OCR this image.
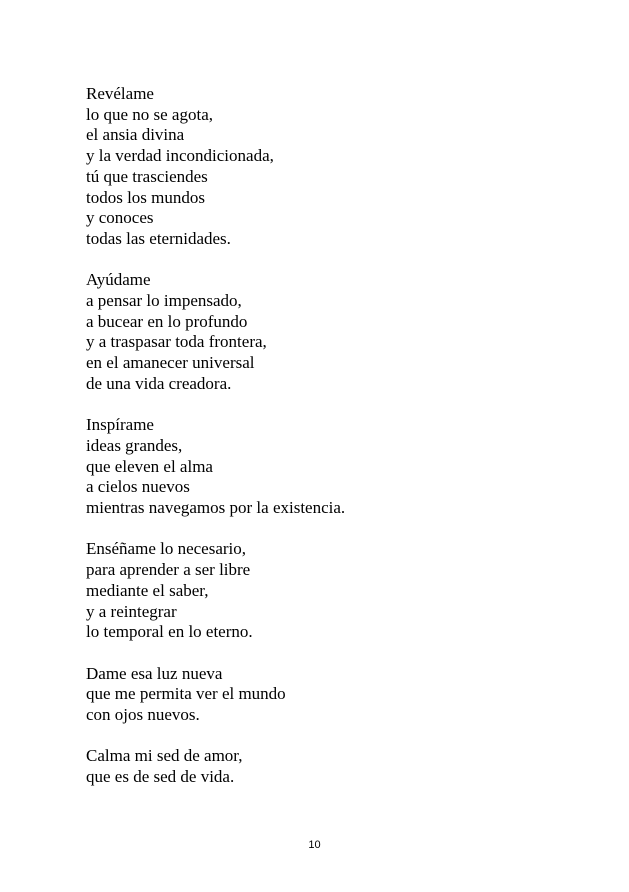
Revélame
lo que no se agota,
el ansia divina
y la verdad incondicionada,
tú que trasciendes
todos los mundos
y conoces
todas las eternidades.
Ayúdame
a pensar lo impensado,
a bucear en lo profundo
y a traspasar toda frontera,
en el amanecer universal
de una vida creadora.
Inspírame
ideas grandes,
que eleven el alma
a cielos nuevos
mientras navegamos por la existencia.
Enséñame lo necesario,
para aprender a ser libre
mediante el saber,
y a reintegrar
lo temporal en lo eterno.
Dame esa luz nueva
que me permita ver el mundo
con ojos nuevos.
Calma mi sed de amor,
que es de sed de vida.
10
